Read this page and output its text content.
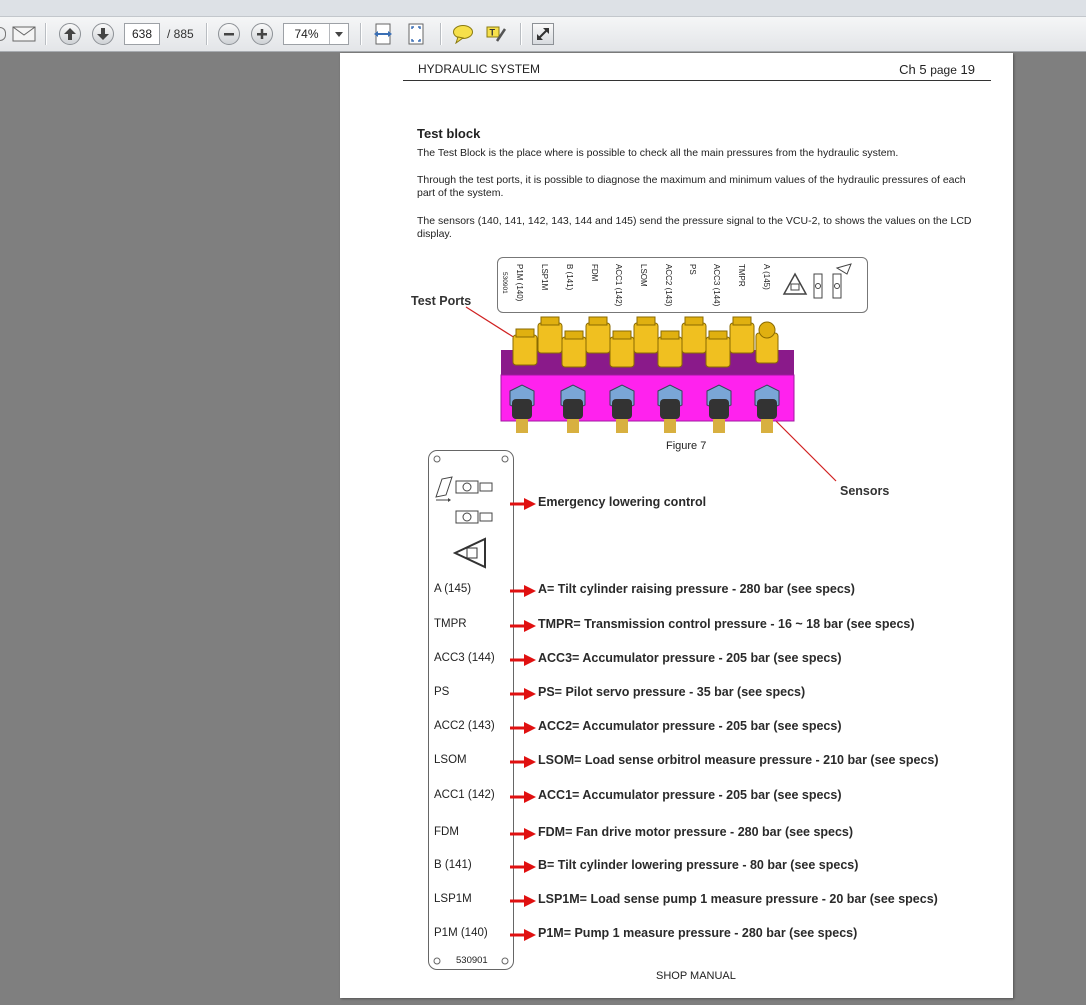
638	/ 885	74%	T
HYDRAULIC SYSTEM	Ch 5 page 19
Test block
The Test Block is the place where is possible to check all the main pressures from the hydraulic system.
Through the test ports, it is possible to diagnose the maximum and minimum values of the hydraulic pressures of each part of the system.
The sensors (140, 141, 142, 143, 144 and 145) send the pressure signal to the VCU-2, to shows the values on the LCD display.
530901 P1M (140) LSP1M B (141) FDM ACC1 (142) LSOM ACC2 (143) PS ACC3 (144) TMPR A (145)
Test Ports
Figure 7
Sensors
530901
Emergency lowering control
A (145)	A= Tilt cylinder raising pressure - 280 bar (see specs)
TMPR	TMPR= Transmission control pressure - 16 ~ 18 bar (see specs)
ACC3 (144)	ACC3= Accumulator pressure - 205 bar (see specs)
PS	PS= Pilot servo pressure - 35 bar (see specs)
ACC2 (143)	ACC2= Accumulator pressure - 205 bar (see specs)
LSOM	LSOM= Load sense orbitrol measure pressure - 210 bar (see specs)
ACC1 (142)	ACC1= Accumulator pressure - 205 bar (see specs)
FDM	FDM= Fan drive motor pressure - 280 bar (see specs)
B (141)	B= Tilt cylinder lowering pressure - 80 bar (see specs)
LSP1M	LSP1M= Load sense pump 1 measure pressure - 20 bar (see specs)
P1M (140)	P1M= Pump 1 measure pressure - 280 bar (see specs)
SHOP MANUAL
